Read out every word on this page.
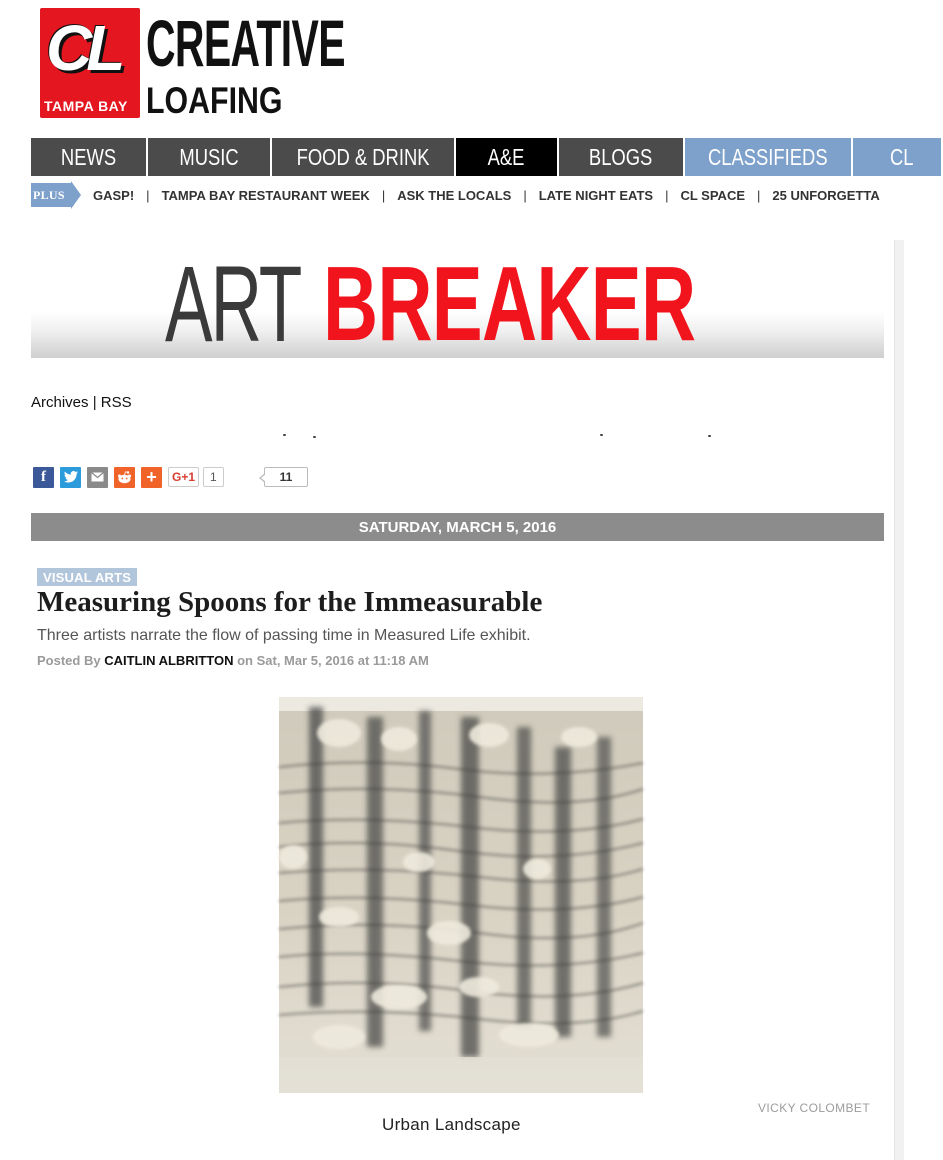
CL
TAMPA BAY
CREATIVE
LOAFING
NEWS	MUSIC	FOOD & DRINK	A&E	BLOGS CLASSIFIEDS	CL
PLUS GASP! | TAMPA BAY RESTAURANT WEEK | ASK THE LOCALS | LATE NIGHT EATS | CL SPACE | 25 UNFORGETTA
ART BREAKER
Archives | RSS
f	+	G+1	1	11
SATURDAY, MARCH 5, 2016
VISUAL ARTS
Measuring Spoons for the Immeasurable
Three artists narrate the flow of passing time in Measured Life exhibit.
Posted By CAITLIN ALBRITTON on Sat, Mar 5, 2016 at 11:18 AM
VICKY COLOMBET
Urban Landscape
